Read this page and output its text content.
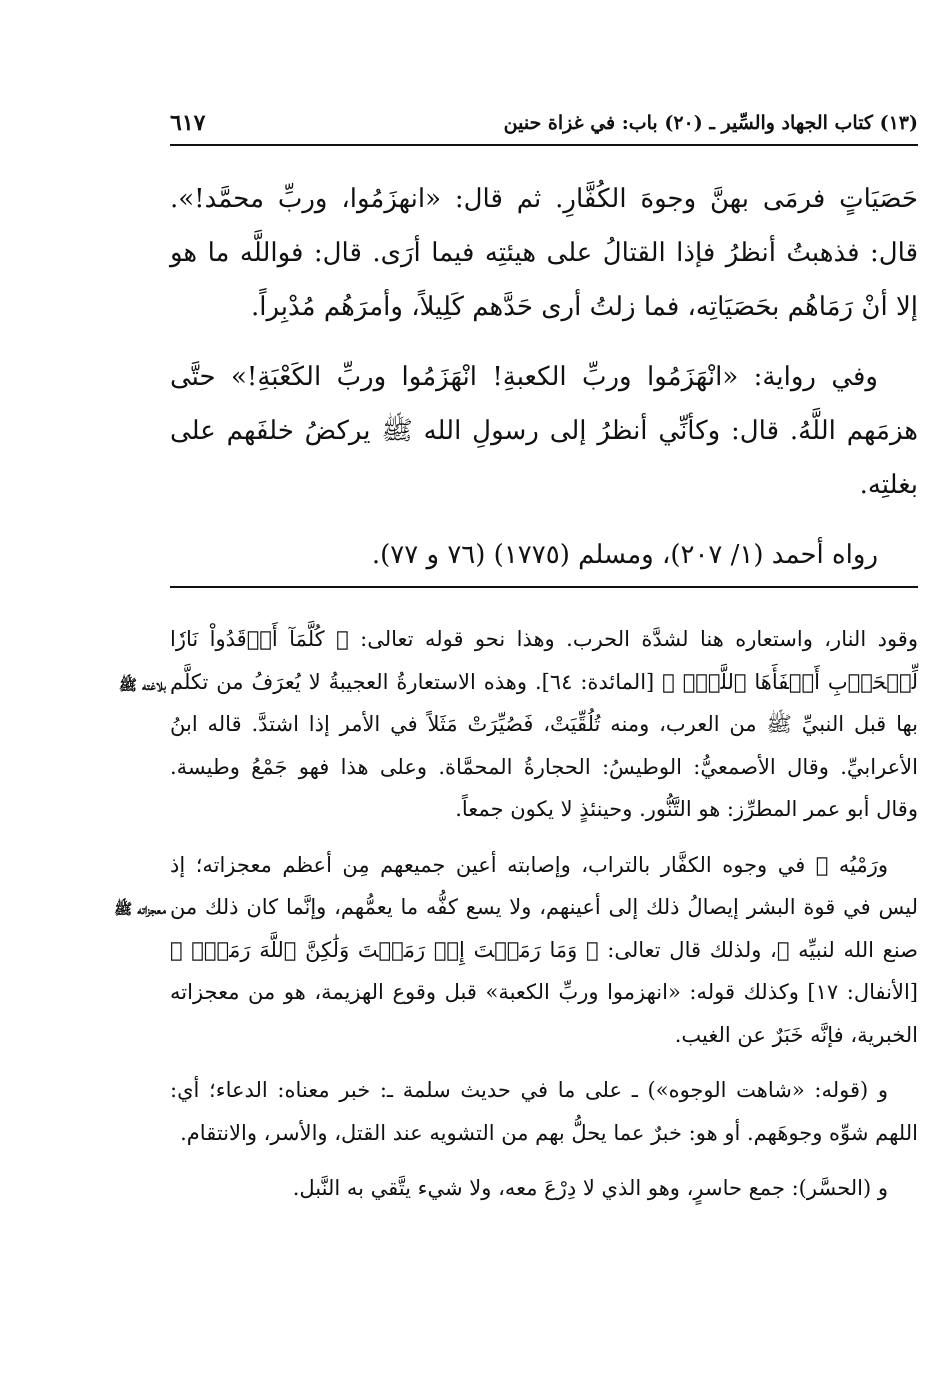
(١٣) كتاب الجهاد والسِّير ـ (٢٠) باب: في غزاة حنين
٦١٧

حَصَيَاتٍ فرمَى بهنَّ وجوهَ الكُفَّارِ. ثم قال: «انهزَمُوا، وربِّ محمَّد!». قال: فذهبتُ أنظرُ فإذا القتالُ على هيئتِه فيما أرَى. قال: فواللَّه ما هو إلا أنْ رَمَاهُم بحَصَيَاتِه، فما زلتُ أرى حَدَّهم كَلِيلاً، وأمرَهُم مُدْبِراً.

وفي رواية: «انْهَزَمُوا وربِّ الكعبةِ! انْهَزَمُوا وربِّ الكَعْبَةِ!» حتَّى هزمَهم اللَّهُ. قال: وكأنِّي أنظرُ إلى رسولِ الله ﷺ يركضُ خلفَهم على بغلتِه.

رواه أحمد (١/ ٢٠٧)، ومسلم (١٧٧٥) (٧٦ و ٧٧).

وقود النار، واستعاره هنا لشدَّة الحرب. وهذا نحو قوله تعالى: ﴿ كُلَّمَآ أَوۡقَدُواْ نَارٗا لِّلۡحَرۡبِ أَطۡفَأَهَا ٱللَّهُۚ ﴾ [المائدة: ٦٤]. وهذه الاستعارةُ العجيبةُ لا يُعرَفُ من تكلَّم بها قبل النبيِّ ﷺ من العرب، ومنه تُلُقِّيَتْ، فَصُيِّرَتْ مَثَلاً في الأمر إذا اشتدَّ. قاله ابنُ الأعرابيِّ. وقال الأصمعيُّ: الوطيسُ: الحجارةُ المحمَّاة. وعلى هذا فهو جَمْعُ وطيسة. وقال أبو عمر المطرِّز: هو التَّنُّور. وحينئذٍ لا يكون جمعاً.

ورَمْيُه ﷺ في وجوه الكفَّار بالتراب، وإصابته أعين جميعهم مِن أعظم معجزاته؛ إذ ليس في قوة البشر إيصالُ ذلك إلى أعينهم، ولا يسع كفُّه ما يعمُّهم، وإنَّما كان ذلك من صنع الله لنبيِّه ﷺ، ولذلك قال تعالى: ﴿ وَمَا رَمَيۡتَ إِذۡ رَمَيۡتَ وَلَٰكِنَّ ٱللَّهَ رَمَىٰۚ ﴾ [الأنفال: ١٧] وكذلك قوله: «انهزموا وربِّ الكعبة» قبل وقوع الهزيمة، هو من معجزاته الخبرية، فإنَّه خَبَرٌ عن الغيب.

و (قوله: «شاهت الوجوه») ـ على ما في حديث سلمة ـ: خبر معناه: الدعاء؛ أي: اللهم شوِّه وجوهَهم. أو هو: خبرٌ عما يحلُّ بهم من التشويه عند القتل، والأسر، والانتقام.

و (الحسَّر): جمع حاسرٍ، وهو الذي لا دِرْعَ معه، ولا شيء يتَّقي به النَّبل.

بلاغته ﷺ
معجزاته ﷺ
